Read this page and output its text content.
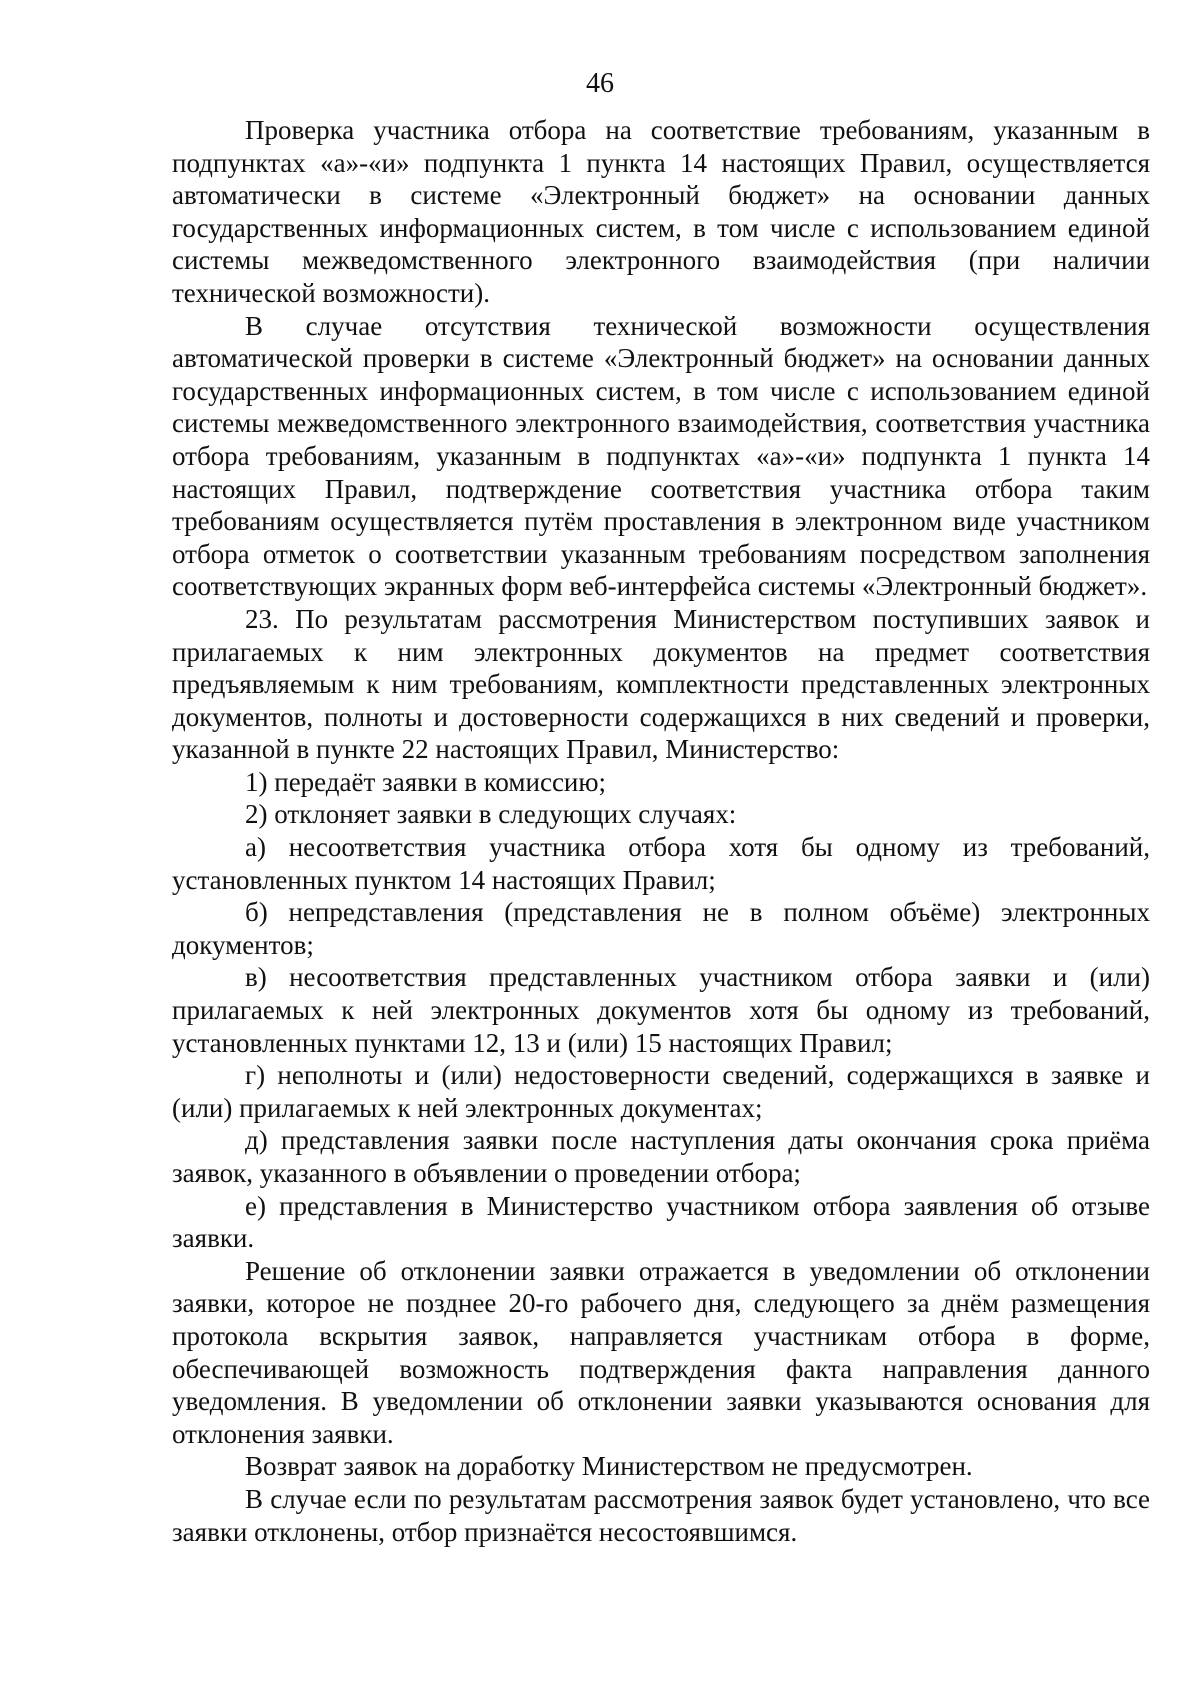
46

Проверка участника отбора на соответствие требованиям, указанным в подпунктах «а»-«и» подпункта 1 пункта 14 настоящих Правил, осуществляется автоматически в системе «Электронный бюджет» на основании данных государственных информационных систем, в том числе с использованием единой системы межведомственного электронного взаимодействия (при наличии технической возможности).

В случае отсутствия технической возможности осуществления автоматической проверки в системе «Электронный бюджет» на основании данных государственных информационных систем, в том числе с использованием единой системы межведомственного электронного взаимодействия, соответствия участника отбора требованиям, указанным в подпунктах «а»-«и» подпункта 1 пункта 14 настоящих Правил, подтверждение соответствия участника отбора таким требованиям осуществляется путём проставления в электронном виде участником отбора отметок о соответствии указанным требованиям посредством заполнения соответствующих экранных форм веб-интерфейса системы «Электронный бюджет».

23. По результатам рассмотрения Министерством поступивших заявок и прилагаемых к ним электронных документов на предмет соответствия предъявляемым к ним требованиям, комплектности представленных электронных документов, полноты и достоверности содержащихся в них сведений и проверки, указанной в пункте 22 настоящих Правил, Министерство:

1) передаёт заявки в комиссию;

2) отклоняет заявки в следующих случаях:

а) несоответствия участника отбора хотя бы одному из требований, установленных пунктом 14 настоящих Правил;

б) непредставления (представления не в полном объёме) электронных документов;

в) несоответствия представленных участником отбора заявки и (или) прилагаемых к ней электронных документов хотя бы одному из требований, установленных пунктами 12, 13 и (или) 15 настоящих Правил;

г) неполноты и (или) недостоверности сведений, содержащихся в заявке и (или) прилагаемых к ней электронных документах;

д) представления заявки после наступления даты окончания срока приёма заявок, указанного в объявлении о проведении отбора;

е) представления в Министерство участником отбора заявления об отзыве заявки.

Решение об отклонении заявки отражается в уведомлении об отклонении заявки, которое не позднее 20-го рабочего дня, следующего за днём размещения протокола вскрытия заявок, направляется участникам отбора в форме, обеспечивающей возможность подтверждения факта направления данного уведомления. В уведомлении об отклонении заявки указываются основания для отклонения заявки.

Возврат заявок на доработку Министерством не предусмотрен.

В случае если по результатам рассмотрения заявок будет установлено, что все заявки отклонены, отбор признаётся несостоявшимся.
